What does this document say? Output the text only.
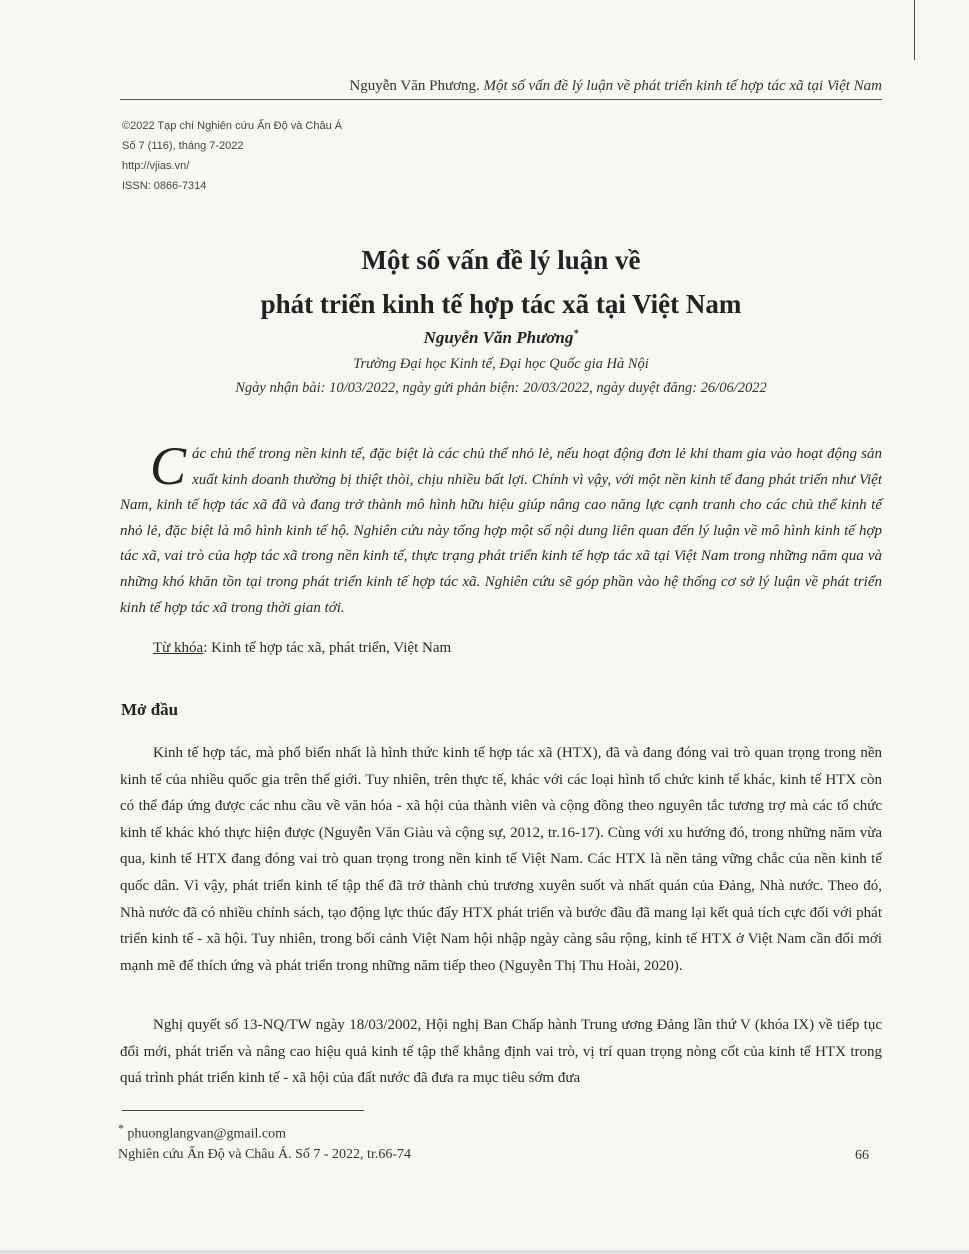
Nguyễn Văn Phương. Một số vấn đề lý luận về phát triển kinh tế hợp tác xã tại Việt Nam
©2022 Tạp chí Nghiên cứu Ấn Độ và Châu Á
Số 7 (116), tháng 7-2022
http://vjias.vn/
ISSN: 0866-7314
Một số vấn đề lý luận về
phát triển kinh tế hợp tác xã tại Việt Nam
Nguyễn Văn Phương*
Trường Đại học Kinh tế, Đại học Quốc gia Hà Nội
Ngày nhận bài: 10/03/2022, ngày gửi phản biện: 20/03/2022, ngày duyệt đăng: 26/06/2022
Các chủ thể trong nền kinh tế, đặc biệt là các chủ thể nhỏ lẻ, nếu hoạt động đơn lẻ khi tham gia vào hoạt động sản xuất kinh doanh thường bị thiệt thòi, chịu nhiều bất lợi. Chính vì vậy, với một nền kinh tế đang phát triển như Việt Nam, kinh tế hợp tác xã đã và đang trở thành mô hình hữu hiệu giúp nâng cao năng lực cạnh tranh cho các chủ thể kinh tế nhỏ lẻ, đặc biệt là mô hình kinh tế hộ. Nghiên cứu này tổng hợp một số nội dung liên quan đến lý luận về mô hình kinh tế hợp tác xã, vai trò của hợp tác xã trong nền kinh tế, thực trạng phát triển kinh tế hợp tác xã tại Việt Nam trong những năm qua và những khó khăn tồn tại trong phát triển kinh tế hợp tác xã. Nghiên cứu sẽ góp phần vào hệ thống cơ sở lý luận về phát triển kinh tế hợp tác xã trong thời gian tới.
Từ khóa: Kinh tế hợp tác xã, phát triển, Việt Nam
Mở đầu
Kinh tế hợp tác, mà phổ biến nhất là hình thức kinh tế hợp tác xã (HTX), đã và đang đóng vai trò quan trọng trong nền kinh tế của nhiều quốc gia trên thế giới. Tuy nhiên, trên thực tế, khác với các loại hình tổ chức kinh tế khác, kinh tế HTX còn có thể đáp ứng được các nhu cầu về văn hóa - xã hội của thành viên và cộng đồng theo nguyên tắc tương trợ mà các tổ chức kinh tế khác khó thực hiện được (Nguyễn Văn Giàu và cộng sự, 2012, tr.16-17). Cùng với xu hướng đó, trong những năm vừa qua, kinh tế HTX đang đóng vai trò quan trọng trong nền kinh tế Việt Nam. Các HTX là nền tảng vững chắc của nền kinh tế quốc dân. Vì vậy, phát triển kinh tế tập thể đã trở thành chủ trương xuyên suốt và nhất quán của Đảng, Nhà nước. Theo đó, Nhà nước đã có nhiều chính sách, tạo động lực thúc đẩy HTX phát triển và bước đầu đã mang lại kết quả tích cực đối với phát triển kinh tế - xã hội. Tuy nhiên, trong bối cảnh Việt Nam hội nhập ngày càng sâu rộng, kinh tế HTX ở Việt Nam cần đổi mới mạnh mẽ để thích ứng và phát triển trong những năm tiếp theo (Nguyễn Thị Thu Hoài, 2020).
Nghị quyết số 13-NQ/TW ngày 18/03/2002, Hội nghị Ban Chấp hành Trung ương Đảng lần thứ V (khóa IX) về tiếp tục đổi mới, phát triển và nâng cao hiệu quả kinh tế tập thể khẳng định vai trò, vị trí quan trọng nòng cốt của kinh tế HTX trong quá trình phát triển kinh tế - xã hội của đất nước đã đưa ra mục tiêu sớm đưa
* phuonglangvan@gmail.com
Nghiên cứu Ấn Độ và Châu Á. Số 7 - 2022, tr.66-74	66
